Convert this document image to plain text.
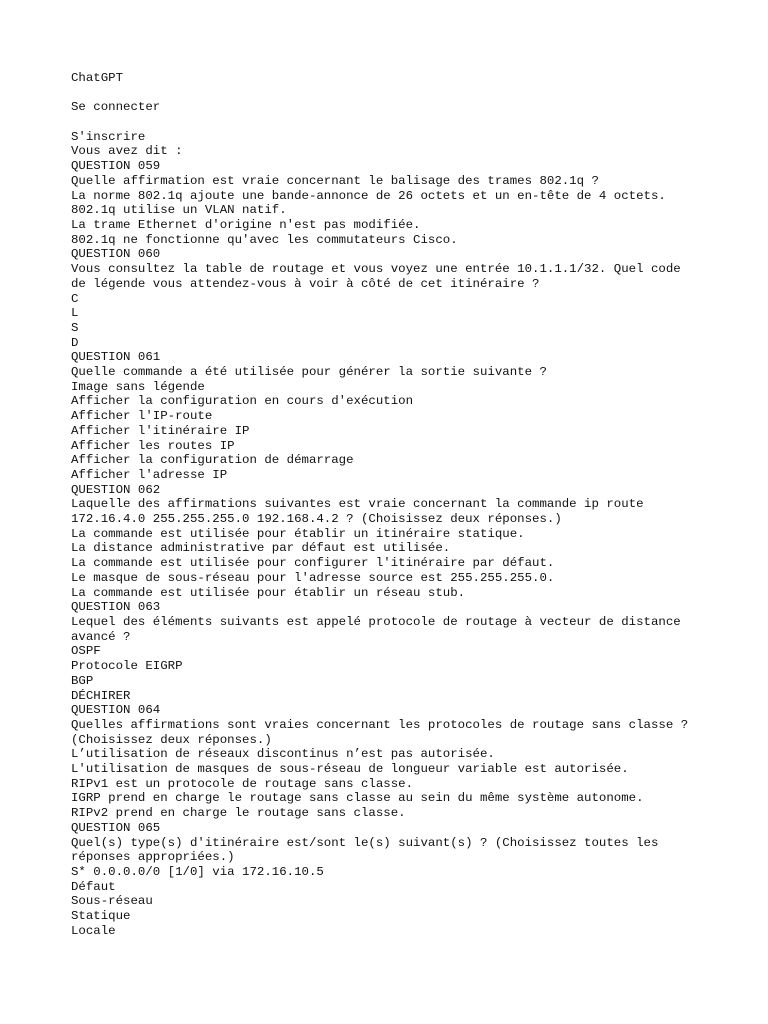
ChatGPT
Se connecter
S'inscrire
Vous avez dit :
QUESTION 059
Quelle affirmation est vraie concernant le balisage des trames 802.1q ?
La norme 802.1q ajoute une bande-annonce de 26 octets et un en-tête de 4 octets.
802.1q utilise un VLAN natif.
La trame Ethernet d'origine n'est pas modifiée.
802.1q ne fonctionne qu'avec les commutateurs Cisco.
QUESTION 060
Vous consultez la table de routage et vous voyez une entrée 10.1.1.1/32. Quel code
de légende vous attendez-vous à voir à côté de cet itinéraire ?
C
L
S
D
QUESTION 061
Quelle commande a été utilisée pour générer la sortie suivante ?
Image sans légende
Afficher la configuration en cours d'exécution
Afficher l'IP-route
Afficher l'itinéraire IP
Afficher les routes IP
Afficher la configuration de démarrage
Afficher l'adresse IP
QUESTION 062
Laquelle des affirmations suivantes est vraie concernant la commande ip route
172.16.4.0 255.255.255.0 192.168.4.2 ? (Choisissez deux réponses.)
La commande est utilisée pour établir un itinéraire statique.
La distance administrative par défaut est utilisée.
La commande est utilisée pour configurer l'itinéraire par défaut.
Le masque de sous-réseau pour l'adresse source est 255.255.255.0.
La commande est utilisée pour établir un réseau stub.
QUESTION 063
Lequel des éléments suivants est appelé protocole de routage à vecteur de distance
avancé ?
OSPF
Protocole EIGRP
BGP
DÉCHIRER
QUESTION 064
Quelles affirmations sont vraies concernant les protocoles de routage sans classe ?
(Choisissez deux réponses.)
L’utilisation de réseaux discontinus n’est pas autorisée.
L'utilisation de masques de sous-réseau de longueur variable est autorisée.
RIPv1 est un protocole de routage sans classe.
IGRP prend en charge le routage sans classe au sein du même système autonome.
RIPv2 prend en charge le routage sans classe.
QUESTION 065
Quel(s) type(s) d'itinéraire est/sont le(s) suivant(s) ? (Choisissez toutes les
réponses appropriées.)
S* 0.0.0.0/0 [1/0] via 172.16.10.5
Défaut
Sous-réseau
Statique
Locale
